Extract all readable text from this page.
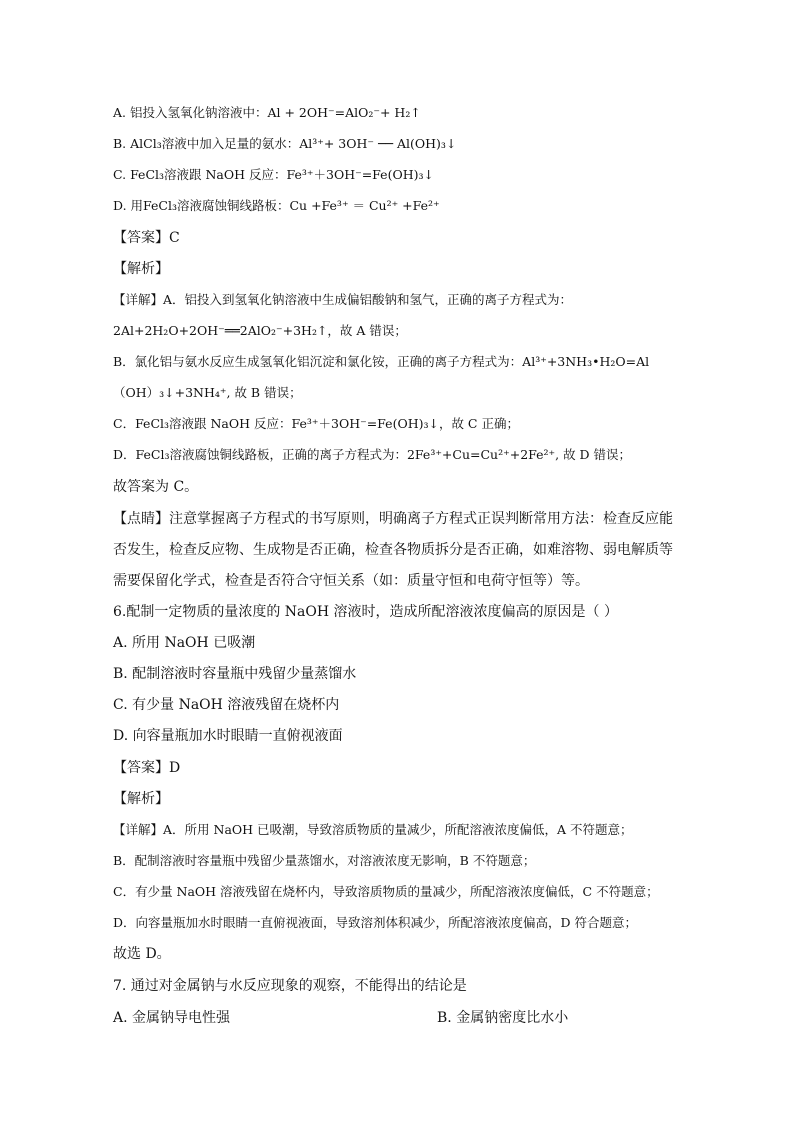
A. 铝投入氢氧化钠溶液中：Al + 2OH⁻=AlO₂⁻+ H₂↑
B. AlCl₃溶液中加入足量的氨水：Al³⁺+ 3OH⁻ ── Al(OH)₃↓
C. FeCl₃溶液跟 NaOH 反应：Fe³⁺＋3OH⁻=Fe(OH)₃↓
D. 用FeCl₃溶液腐蚀铜线路板：Cu +Fe³⁺ ＝ Cu²⁺ +Fe²⁺
【答案】C
【解析】
【详解】A．铝投入到氢氧化钠溶液中生成偏铝酸钠和氢气，正确的离子方程式为：
2Al+2H₂O+2OH⁻══2AlO₂⁻+3H₂↑，故 A 错误；
B．氯化铝与氨水反应生成氢氧化铝沉淀和氯化铵，正确的离子方程式为：Al³⁺+3NH₃•H₂O=Al
（OH）₃↓+3NH₄⁺, 故 B 错误；
C．FeCl₃溶液跟 NaOH 反应：Fe³⁺＋3OH⁻=Fe(OH)₃↓，故 C 正确；
D．FeCl₃溶液腐蚀铜线路板，正确的离子方程式为：2Fe³⁺+Cu=Cu²⁺+2Fe²⁺, 故 D 错误；
故答案为 C。
【点睛】注意掌握离子方程式的书写原则，明确离子方程式正误判断常用方法：检查反应能
否发生，检查反应物、生成物是否正确，检查各物质拆分是否正确，如难溶物、弱电解质等
需要保留化学式，检查是否符合守恒关系（如：质量守恒和电荷守恒等）等。
6.配制一定物质的量浓度的 NaOH 溶液时，造成所配溶液浓度偏高的原因是（ ）
A. 所用 NaOH 已吸潮
B. 配制溶液时容量瓶中残留少量蒸馏水
C. 有少量 NaOH 溶液残留在烧杯内
D. 向容量瓶加水时眼睛一直俯视液面
【答案】D
【解析】
【详解】A．所用 NaOH 已吸潮，导致溶质物质的量减少，所配溶液浓度偏低，A 不符题意；
B．配制溶液时容量瓶中残留少量蒸馏水，对溶液浓度无影响，B 不符题意；
C．有少量 NaOH 溶液残留在烧杯内，导致溶质物质的量减少，所配溶液浓度偏低，C 不符题意；
D．向容量瓶加水时眼睛一直俯视液面，导致溶剂体积减少，所配溶液浓度偏高，D 符合题意；
故选 D。
7. 通过对金属钠与水反应现象的观察，不能得出的结论是
A. 金属钠导电性强	B. 金属钠密度比水小
